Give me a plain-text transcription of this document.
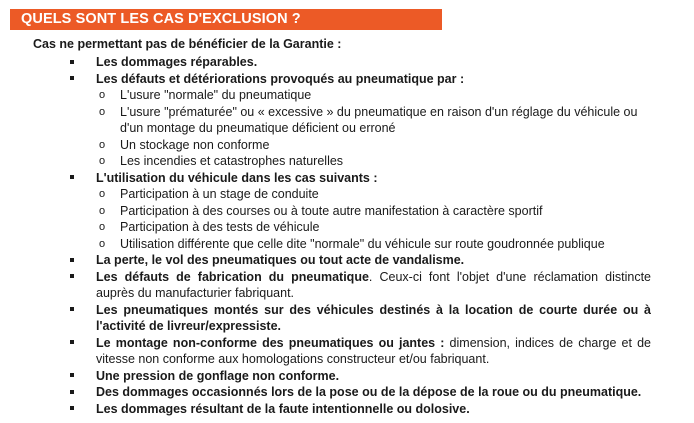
QUELS SONT LES CAS D'EXCLUSION ?
Cas ne permettant pas de bénéficier de la Garantie :
Les dommages réparables.
Les défauts et détériorations provoqués au pneumatique par :
o L'usure "normale" du pneumatique
o L'usure "prématurée" ou « excessive » du pneumatique en raison d'un réglage du véhicule ou d'un montage du pneumatique déficient ou erroné
o Un stockage non conforme
o Les incendies et catastrophes naturelles
L'utilisation du véhicule dans les cas suivants :
o Participation à un stage de conduite
o Participation à des courses ou à toute autre manifestation à caractère sportif
o Participation à des tests de véhicule
o Utilisation différente que celle dite "normale" du véhicule sur route goudronnée publique
La perte, le vol des pneumatiques ou tout acte de vandalisme.
Les défauts de fabrication du pneumatique. Ceux-ci font l'objet d'une réclamation distincte auprès du manufacturier fabriquant.
Les pneumatiques montés sur des véhicules destinés à la location de courte durée ou à l'activité de livreur/expressiste.
Le montage non-conforme des pneumatiques ou jantes : dimension, indices de charge et de vitesse non conforme aux homologations constructeur et/ou fabriquant.
Une pression de gonflage non conforme.
Des dommages occasionnés lors de la pose ou de la dépose de la roue ou du pneumatique.
Les dommages résultant de la faute intentionnelle ou dolosive.
